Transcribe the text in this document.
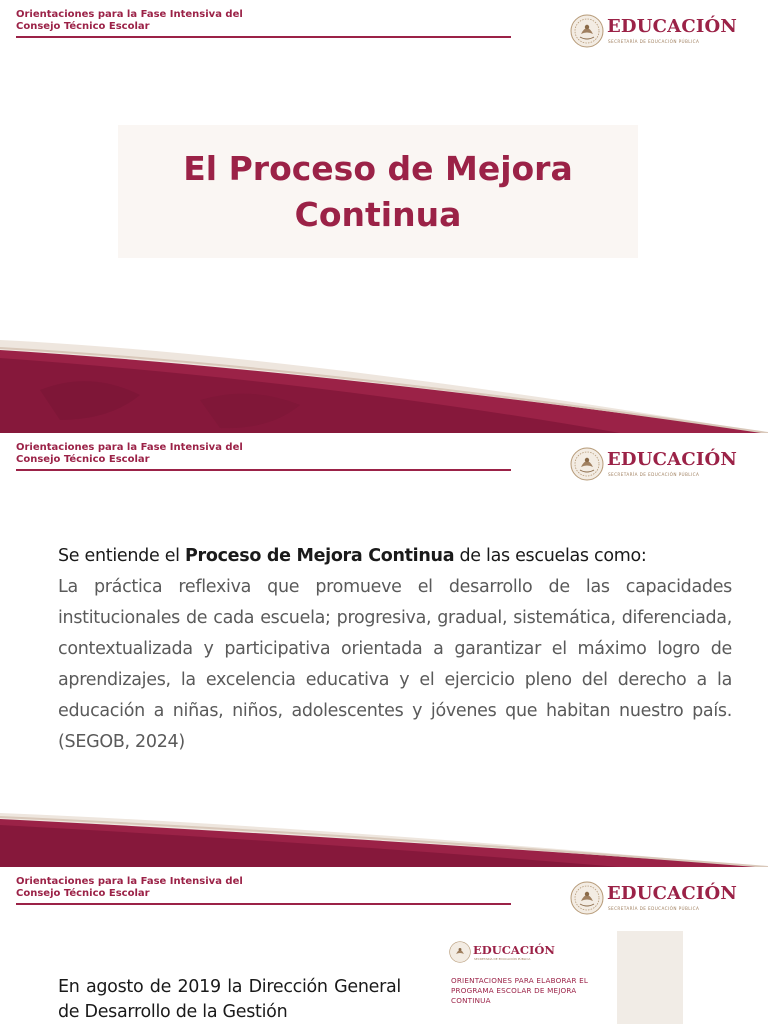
Orientaciones para la Fase Intensiva del
Consejo Técnico Escolar	EDUCACIÓN
SECRETARÍA DE EDUCACIÓN PÚBLICA
El Proceso de Mejora
Continua
Orientaciones para la Fase Intensiva del
Consejo Técnico Escolar	EDUCACIÓN
SECRETARÍA DE EDUCACIÓN PÚBLICA
Se entiende el Proceso de Mejora Continua de las escuelas como:
La práctica reflexiva que promueve el desarrollo de las capacidades institucionales de cada escuela; progresiva, gradual, sistemática, diferenciada, contextualizada y participativa orientada a garantizar el máximo logro de aprendizajes, la excelencia educativa y el ejercicio pleno del derecho a la educación a niñas, niños, adolescentes y jóvenes que habitan nuestro país. (SEGOB, 2024)
Orientaciones para la Fase Intensiva del
Consejo Técnico Escolar	EDUCACIÓN
SECRETARÍA DE EDUCACIÓN PÚBLICA
En agosto de 2019 la Dirección General de Desarrollo de la Gestión
EDUCACIÓN
SECRETARÍA DE EDUCACIÓN PÚBLICA
ORIENTACIONES PARA ELABORAR EL PROGRAMA ESCOLAR DE MEJORA CONTINUA
